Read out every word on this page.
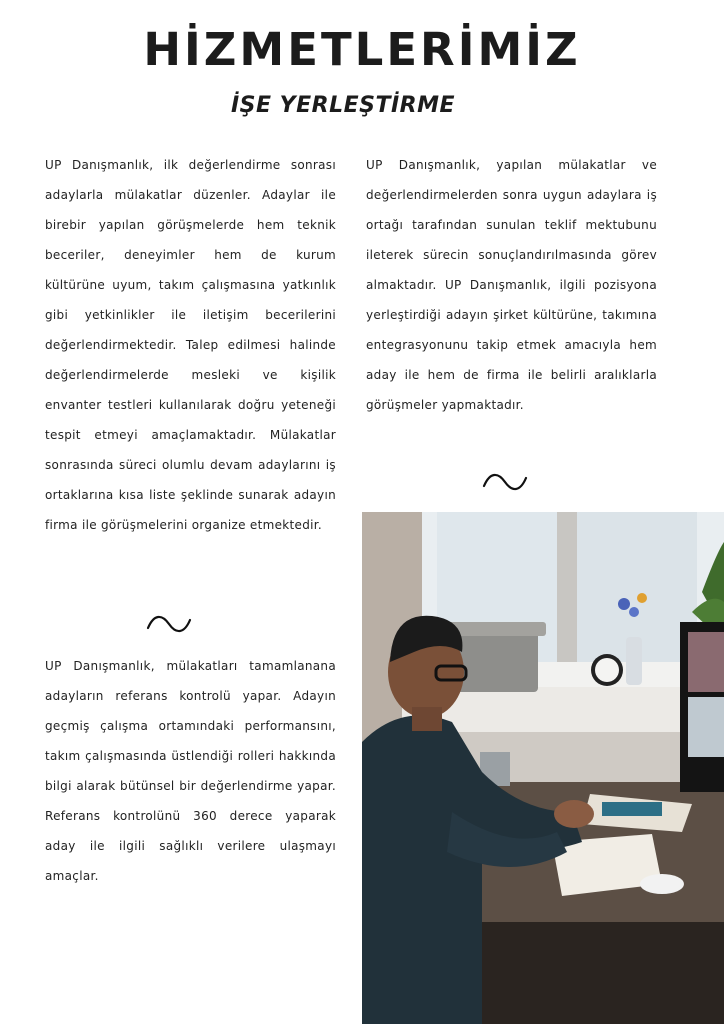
HİZMETLERİMİZ
İŞE YERLEŞTİRME

UP Danışmanlık, ilk değerlendirme sonrası adaylarla mülakatlar düzenler. Adaylar ile birebir yapılan görüşmelerde hem teknik beceriler, deneyimler hem de kurum kültürüne uyum, takım çalışmasına yatkınlık gibi yetkinlikler ile iletişim becerilerini değerlendirmektedir. Talep edilmesi halinde değerlendirmelerde mesleki ve kişilik envanter testleri kullanılarak doğru yeteneği tespit etmeyi amaçlamaktadır. Mülakatlar sonrasında süreci olumlu devam adaylarını iş ortaklarına kısa liste şeklinde sunarak adayın firma ile görüşmelerini organize etmektedir.

UP Danışmanlık, yapılan mülakatlar ve değerlendirmelerden sonra uygun adaylara iş ortağı tarafından sunulan teklif mektubunu ileterek sürecin sonuçlandırılmasında görev almaktadır. UP Danışmanlık, ilgili pozisyona yerleştirdiği adayın şirket kültürüne, takımına entegrasyonunu takip etmek amacıyla hem aday ile hem de firma ile belirli aralıklarla görüşmeler yapmaktadır.

UP Danışmanlık, mülakatları tamamlanana adayların referans kontrolü yapar. Adayın geçmiş çalışma ortamındaki performansını, takım çalışmasında üstlendiği rolleri hakkında bilgi alarak bütünsel bir değerlendirme yapar. Referans kontrolünü 360 derece yaparak aday ile ilgili sağlıklı verilere ulaşmayı amaçlar.
